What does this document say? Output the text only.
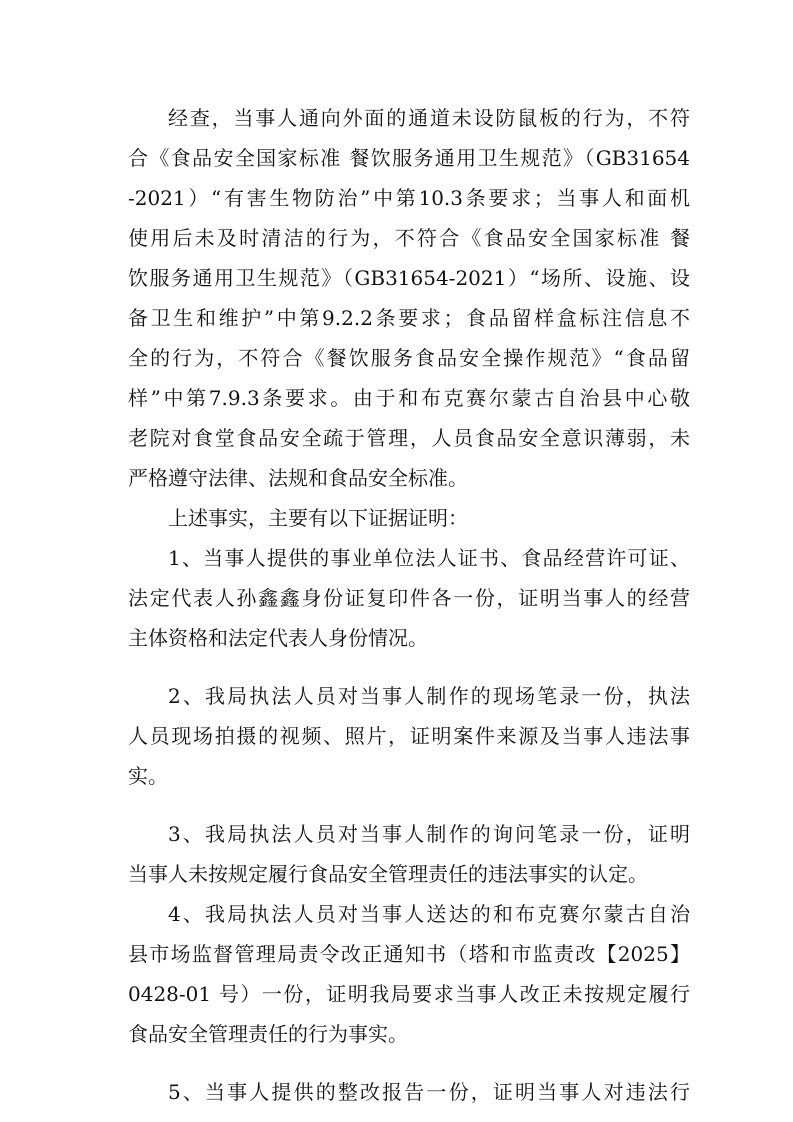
经查，当事人通向外面的通道未设防鼠板的行为，不符
合《食品安全国家标准 餐饮服务通用卫生规范》（GB31654
-2021）“有害生物防治”中第10.3条要求；当事人和面机
使用后未及时清洁的行为，不符合《食品安全国家标准 餐
饮服务通用卫生规范》（GB31654-2021）“场所、设施、设
备卫生和维护”中第9.2.2条要求；食品留样盒标注信息不
全的行为，不符合《餐饮服务食品安全操作规范》“食品留
样”中第7.9.3条要求。由于和布克赛尔蒙古自治县中心敬
老院对食堂食品安全疏于管理，人员食品安全意识薄弱，未
严格遵守法律、法规和食品安全标准。
上述事实，主要有以下证据证明：
1、当事人提供的事业单位法人证书、食品经营许可证、
法定代表人孙鑫鑫身份证复印件各一份，证明当事人的经营
主体资格和法定代表人身份情况。
2、我局执法人员对当事人制作的现场笔录一份，执法
人员现场拍摄的视频、照片，证明案件来源及当事人违法事
实。
3、我局执法人员对当事人制作的询问笔录一份，证明
当事人未按规定履行食品安全管理责任的违法事实的认定。
4、我局执法人员对当事人送达的和布克赛尔蒙古自治
县市场监督管理局责令改正通知书（塔和市监责改【2025】
0428-01 号）一份，证明我局要求当事人改正未按规定履行
食品安全管理责任的行为事实。
5、当事人提供的整改报告一份，证明当事人对违法行
